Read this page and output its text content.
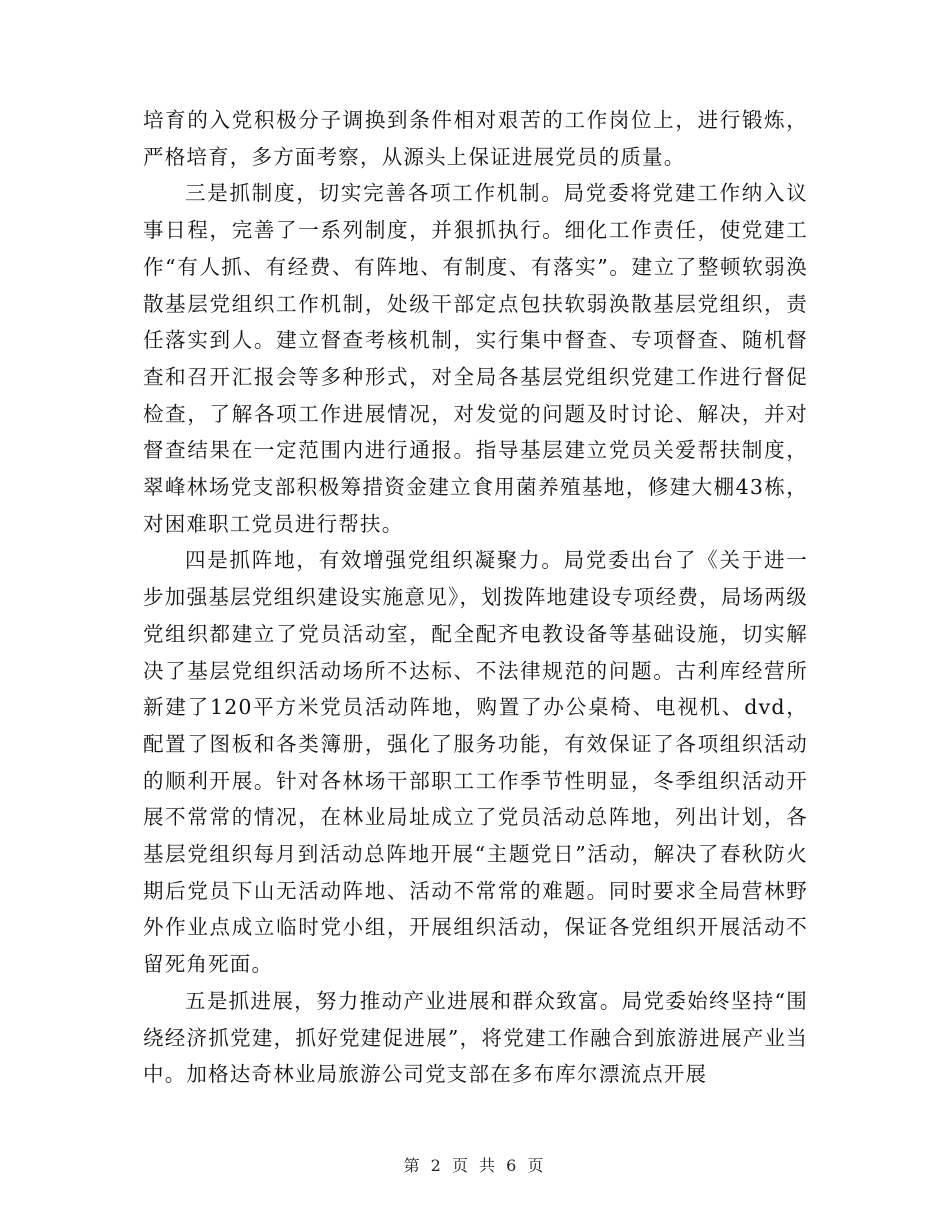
培育的入党积极分子调换到条件相对艰苦的工作岗位上，进行锻炼，严格培育，多方面考察，从源头上保证进展党员的质量。

三是抓制度，切实完善各项工作机制。局党委将党建工作纳入议事日程，完善了一系列制度，并狠抓执行。细化工作责任，使党建工作“有人抓、有经费、有阵地、有制度、有落实”。建立了整顿软弱涣散基层党组织工作机制，处级干部定点包扶软弱涣散基层党组织，责任落实到人。建立督查考核机制，实行集中督查、专项督查、随机督查和召开汇报会等多种形式，对全局各基层党组织党建工作进行督促检查，了解各项工作进展情况，对发觉的问题及时讨论、解决，并对督查结果在一定范围内进行通报。指导基层建立党员关爱帮扶制度，翠峰林场党支部积极筹措资金建立食用菌养殖基地，修建大棚43栋，对困难职工党员进行帮扶。

四是抓阵地，有效增强党组织凝聚力。局党委出台了《关于进一步加强基层党组织建设实施意见》，划拨阵地建设专项经费，局场两级党组织都建立了党员活动室，配全配齐电教设备等基础设施，切实解决了基层党组织活动场所不达标、不法律规范的问题。古利库经营所新建了120平方米党员活动阵地，购置了办公桌椅、电视机、dvd，配置了图板和各类簿册，强化了服务功能，有效保证了各项组织活动的顺利开展。针对各林场干部职工工作季节性明显，冬季组织活动开展不常常的情况，在林业局址成立了党员活动总阵地，列出计划，各基层党组织每月到活动总阵地开展“主题党日”活动，解决了春秋防火期后党员下山无活动阵地、活动不常常的难题。同时要求全局营林野外作业点成立临时党小组，开展组织活动，保证各党组织开展活动不留死角死面。

五是抓进展，努力推动产业进展和群众致富。局党委始终坚持“围绕经济抓党建，抓好党建促进展”，将党建工作融合到旅游进展产业当中。加格达奇林业局旅游公司党支部在多布库尔漂流点开展

第 2 页 共 6 页
